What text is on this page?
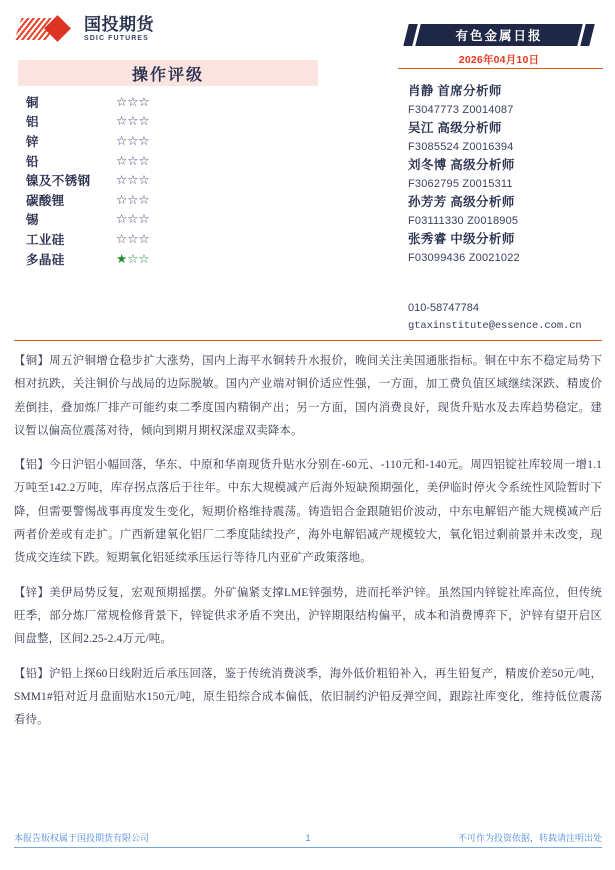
国投期货
SDIC FUTURES
操作评级
铜	☆☆☆
铝	☆☆☆
锌	☆☆☆
铅	☆☆☆
镍及不锈钢	☆☆☆
碳酸锂	☆☆☆
锡	☆☆☆
工业硅	☆☆☆
多晶硅	★☆☆
有色金属日报
2026年04月10日
肖静 首席分析师
F3047773 Z0014087
吴江 高级分析师
F3085524 Z0016394
刘冬博 高级分析师
F3062795 Z0015311
孙芳芳 高级分析师
F03111330 Z0018905
张秀睿 中级分析师
F03099436 Z0021022
010-58747784
gtaxinstitute@essence.com.cn

【铜】周五沪铜增仓稳步扩大涨势，国内上海平水铜转升水报价，晚间关注美国通胀指标。铜在中东不稳定局势下相对抗跌，关注铜价与战局的边际脱敏。国内产业端对铜价适应性强，一方面，加工费负值区域继续深跌、精废价差倒挂，叠加炼厂排产可能约束二季度国内精铜产出；另一方面，国内消费良好，现货升贴水及去库趋势稳定。建议暂以偏高位震荡对待，倾向到期月期权深虚双卖降本。

【铝】今日沪铝小幅回落，华东、中原和华南现货升贴水分别在-60元、-110元和-140元。周四铝锭社库较周一增1.1万吨至142.2万吨，库存拐点落后于往年。中东大规模减产后海外短缺预期强化，美伊临时停火令系统性风险暂时下降，但需要警惕战事再度发生变化，短期价格维持震荡。铸造铝合金跟随铝价波动，中东电解铝产能大规模减产后两者价差或有走扩。广西新建氧化铝厂二季度陆续投产，海外电解铝减产规模较大，氧化铝过剩前景并未改变，现货成交连续下跌。短期氧化铝延续承压运行等待几内亚矿产政策落地。

【锌】美伊局势反复，宏观预期摇摆。外矿偏紧支撑LME锌强势，进而托举沪锌。虽然国内锌锭社库高位，但传统旺季，部分炼厂常规检修背景下，锌锭供求矛盾不突出，沪锌期限结构偏平，成本和消费博弈下，沪锌有望开启区间盘整，区间2.25-2.4万元/吨。

【铅】沪铅上探60日线附近后承压回落，鉴于传统消费淡季，海外低价粗铅补入，再生铅复产，精废价差50元/吨，SMM1#铅对近月盘面贴水150元/吨，原生铅综合成本偏低，依旧制约沪铅反弹空间，跟踪社库变化，维持低位震荡看待。

本报告版权属于国投期货有限公司	1	不可作为投资依据，转载请注明出处
